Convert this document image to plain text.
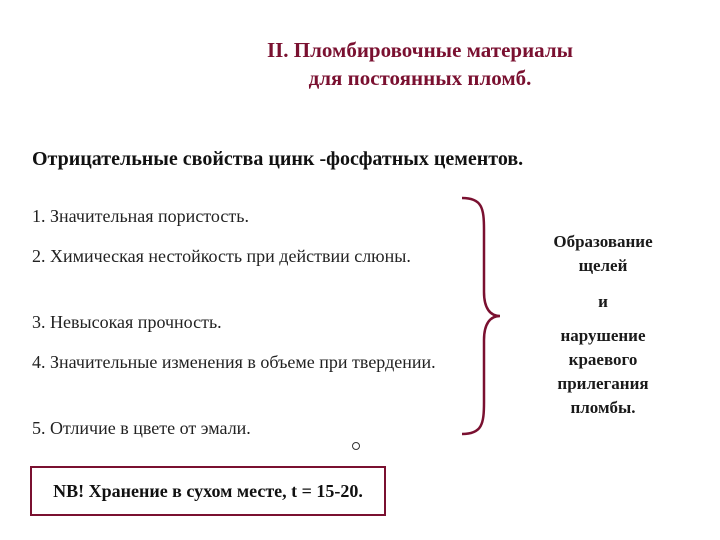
II. Пломбировочные материалы
для постоянных пломб.
Отрицательные свойства цинк -фосфатных цементов.
1. Значительная пористость.
2. Химическая нестойкость при действии слюны.
3. Невысокая прочность.
4. Значительные изменения в объеме при твердении.
5. Отличие в цвете от эмали.
Образование щелей
и
нарушение краевого прилегания пломбы.
NB! Хранение в сухом месте, t = 15-20.
